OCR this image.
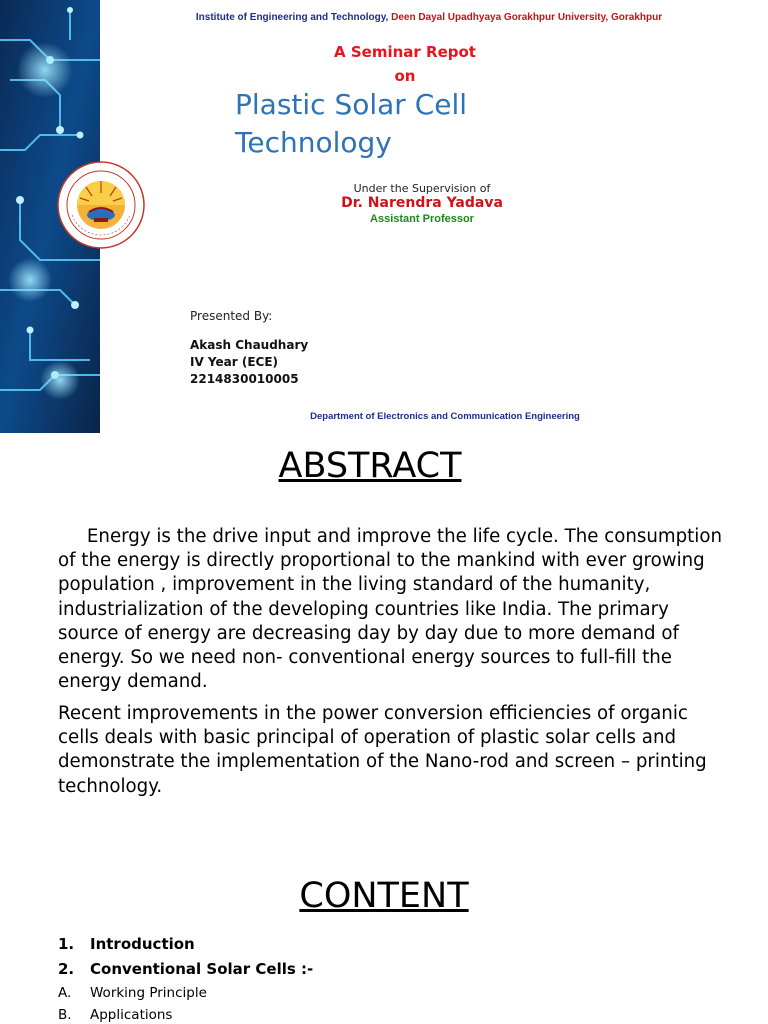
Institute of Engineering and Technology, Deen Dayal Upadhyaya Gorakhpur University, Gorakhpur
A Seminar Repot
on
Plastic Solar Cell Technology
Under the Supervision of
Dr. Narendra Yadava
Assistant Professor
Presented By:
Akash Chaudhary
IV Year (ECE)
2214830010005
Department of Electronics and Communication Engineering
ABSTRACT
Energy is the drive input and improve the life cycle. The consumption of the energy is directly proportional to the mankind with ever growing population , improvement in the living standard of the humanity, industrialization of the developing countries like India. The primary source of energy are decreasing day by day due to more demand of energy. So we need non- conventional energy sources to full-fill the energy demand.
Recent improvements in the power conversion efficiencies of organic cells deals with basic principal of operation of plastic solar cells and demonstrate the implementation of the Nano-rod and screen – printing technology.
CONTENT
1. Introduction
2. Conventional Solar Cells :-
A. Working Principle
B. Applications
